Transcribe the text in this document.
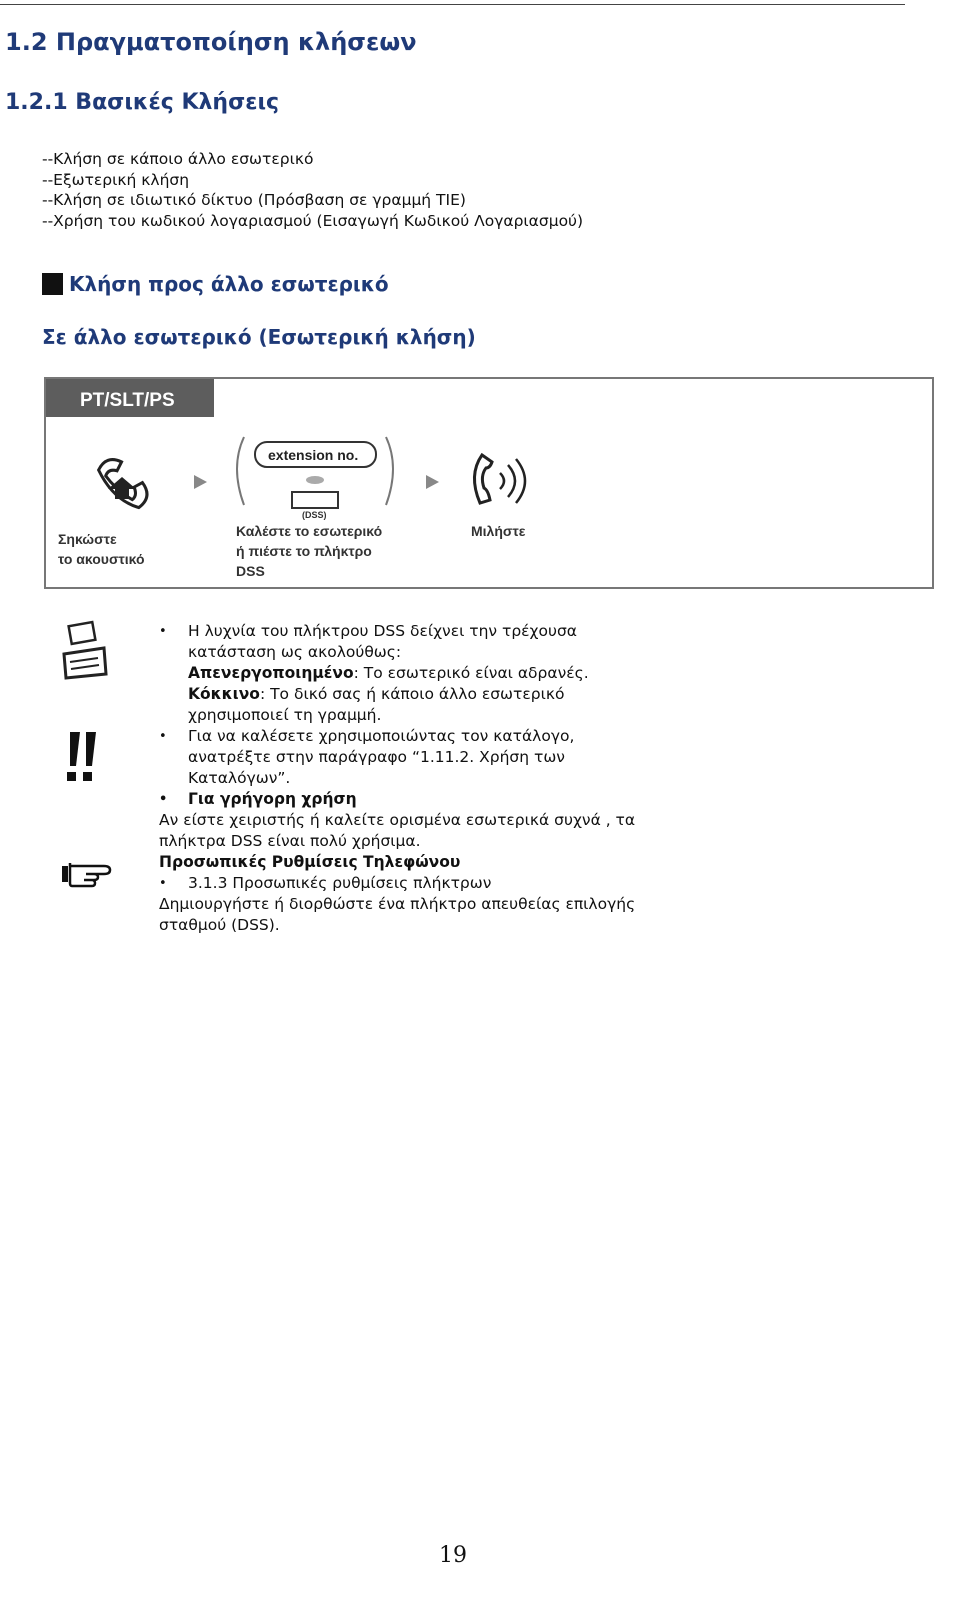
1.2 Πραγματοποίηση κλήσεων
1.2.1 Βασικές Κλήσεις
--Κλήση σε κάποιο άλλο εσωτερικό
--Εξωτερική κλήση
--Κλήση σε ιδιωτικό δίκτυο (Πρόσβαση σε γραμμή TIE)
--Χρήση του κωδικού λογαριασμού (Εισαγωγή Κωδικού Λογαριασμού)
Κλήση προς άλλο εσωτερικό
Σε άλλο εσωτερικό (Εσωτερική κλήση)
PT/SLT/PS
Σηκώστε
το ακουστικό
extension no.
(DSS)
Καλέστε το εσωτερικό
ή πιέστε το πλήκτρο
DSS
Μιλήστε
• Η λυχνία του πλήκτρου DSS δείχνει την τρέχουσα
κατάσταση ως ακολούθως:
Απενεργοποιημένο: Το εσωτερικό είναι αδρανές.
Κόκκινο: Το δικό σας ή κάποιο άλλο εσωτερικό
χρησιμοποιεί τη γραμμή.
• Για να καλέσετε χρησιμοποιώντας τον κατάλογο,
ανατρέξτε στην παράγραφο “1.11.2. Χρήση των
Καταλόγων”.
• Για γρήγορη χρήση
Αν είστε χειριστής ή καλείτε ορισμένα εσωτερικά συχνά , τα
πλήκτρα DSS είναι πολύ χρήσιμα.
Προσωπικές Ρυθμίσεις Τηλεφώνου
• 3.1.3 Προσωπικές ρυθμίσεις πλήκτρων
Δημιουργήστε ή διορθώστε ένα πλήκτρο απευθείας επιλογής
σταθμού (DSS).
19
